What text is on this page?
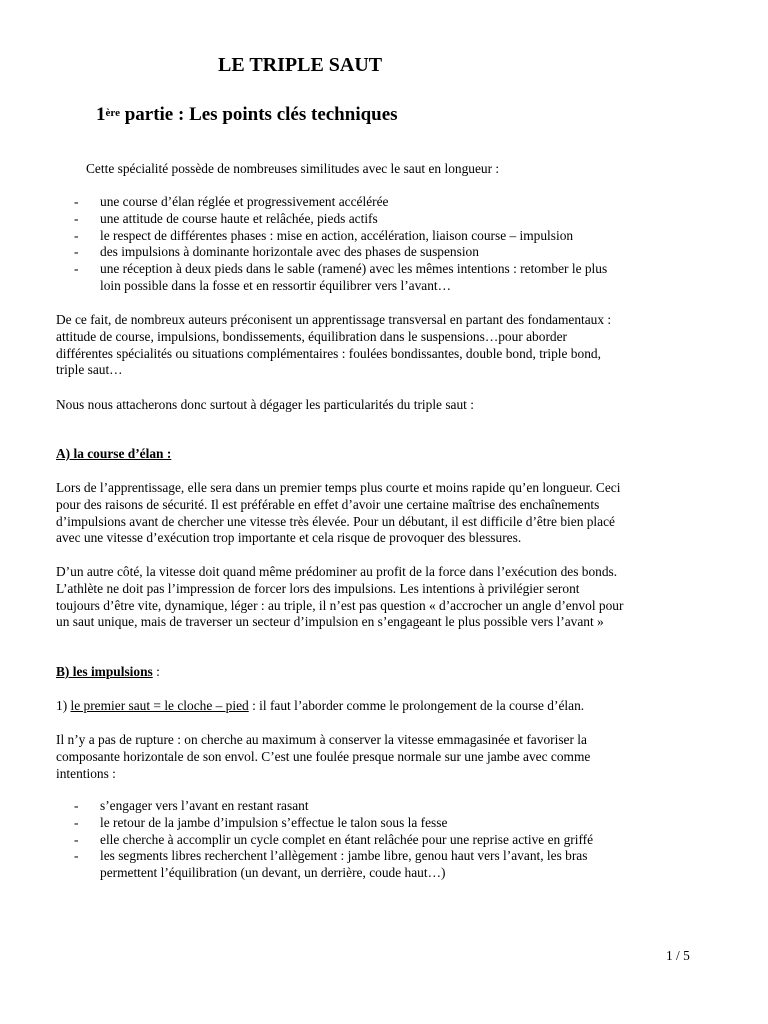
LE TRIPLE SAUT
1ère partie : Les points clés techniques
Cette spécialité possède de nombreuses similitudes avec le saut en longueur :
- une course d’élan réglée et progressivement accélérée
- une attitude de course haute et relâchée, pieds actifs
- le respect de différentes phases : mise en action, accélération, liaison course – impulsion
- des impulsions à dominante horizontale avec des phases de suspension
- une réception à deux pieds dans le sable (ramené) avec les mêmes intentions : retomber le plus
loin possible dans la fosse et en ressortir équilibrer vers l’avant…
De ce fait, de nombreux auteurs préconisent un apprentissage transversal en partant des fondamentaux :
attitude de course, impulsions, bondissements, équilibration dans le suspensions…pour aborder
différentes spécialités ou situations complémentaires : foulées bondissantes, double bond, triple bond,
triple saut…
Nous nous attacherons donc surtout à dégager les particularités du triple saut :
A) la course d’élan :
Lors de l’apprentissage, elle sera dans un premier temps plus courte et moins rapide qu’en longueur. Ceci
pour des raisons de sécurité. Il est préférable en effet d’avoir une certaine maîtrise des enchaînements
d’impulsions avant de chercher une vitesse très élevée. Pour un débutant, il est difficile d’être bien placé
avec une vitesse d’exécution trop importante et cela risque de provoquer des blessures.
D’un autre côté, la vitesse doit quand même prédominer au profit de la force dans l’exécution des bonds.
L’athlète ne doit pas l’impression de forcer lors des impulsions. Les intentions à privilégier seront
toujours d’être vite, dynamique, léger : au triple, il n’est pas question « d’accrocher un angle d’envol pour
un saut unique, mais de traverser un secteur d’impulsion en s’engageant le plus possible vers l’avant »
B) les impulsions :
1) le premier saut = le cloche – pied : il faut l’aborder comme le prolongement de la course d’élan.
Il n’y a pas de rupture : on cherche au maximum à conserver la vitesse emmagasinée et favoriser la
composante horizontale de son envol. C’est une foulée presque normale sur une jambe avec comme
intentions :
- s’engager vers l’avant en restant rasant
- le retour de la jambe d’impulsion s’effectue le talon sous la fesse
- elle cherche à accomplir un cycle complet en étant relâchée pour une reprise active en griffé
- les segments libres recherchent l’allègement : jambe libre, genou haut vers l’avant, les bras
permettent l’équilibration (un devant, un derrière, coude haut…)
1 / 5
